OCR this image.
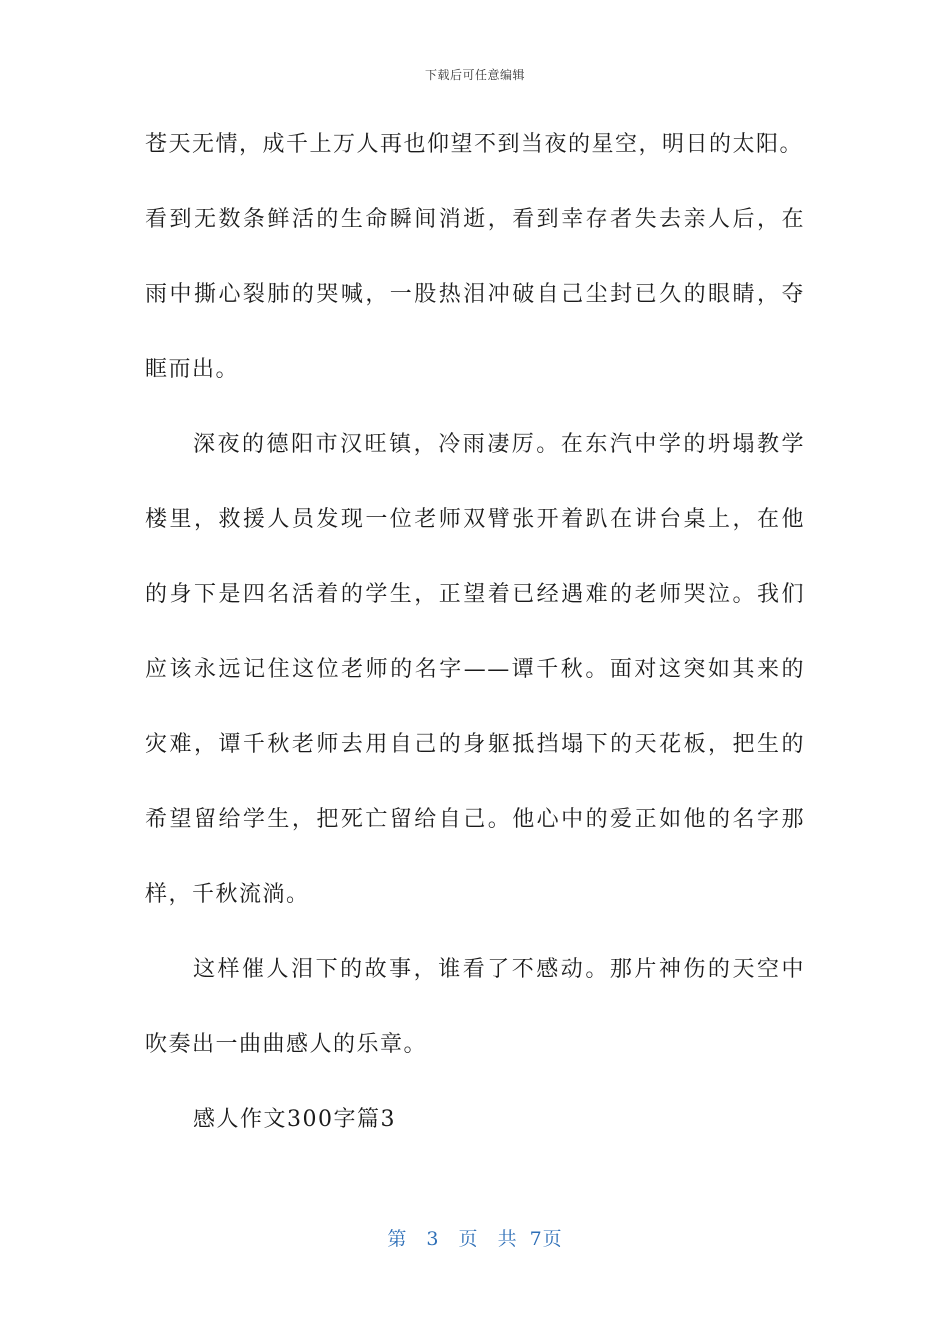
下载后可任意编辑
苍天无情，成千上万人再也仰望不到当夜的星空，明日的太阳。
看到无数条鲜活的生命瞬间消逝，看到幸存者失去亲人后，在
雨中撕心裂肺的哭喊，一股热泪冲破自己尘封已久的眼睛，夺
眶而出。
深夜的德阳市汉旺镇，冷雨凄厉。在东汽中学的坍塌教学
楼里，救援人员发现一位老师双臂张开着趴在讲台桌上，在他
的身下是四名活着的学生，正望着已经遇难的老师哭泣。我们
应该永远记住这位老师的名字——谭千秋。面对这突如其来的
灾难，谭千秋老师去用自己的身躯抵挡塌下的天花板，把生的
希望留给学生，把死亡留给自己。他心中的爱正如他的名字那
样，千秋流淌。
这样催人泪下的故事，谁看了不感动。那片神伤的天空中
吹奏出一曲曲感人的乐章。
感人作文300字篇3
第 3 页 共 7页
